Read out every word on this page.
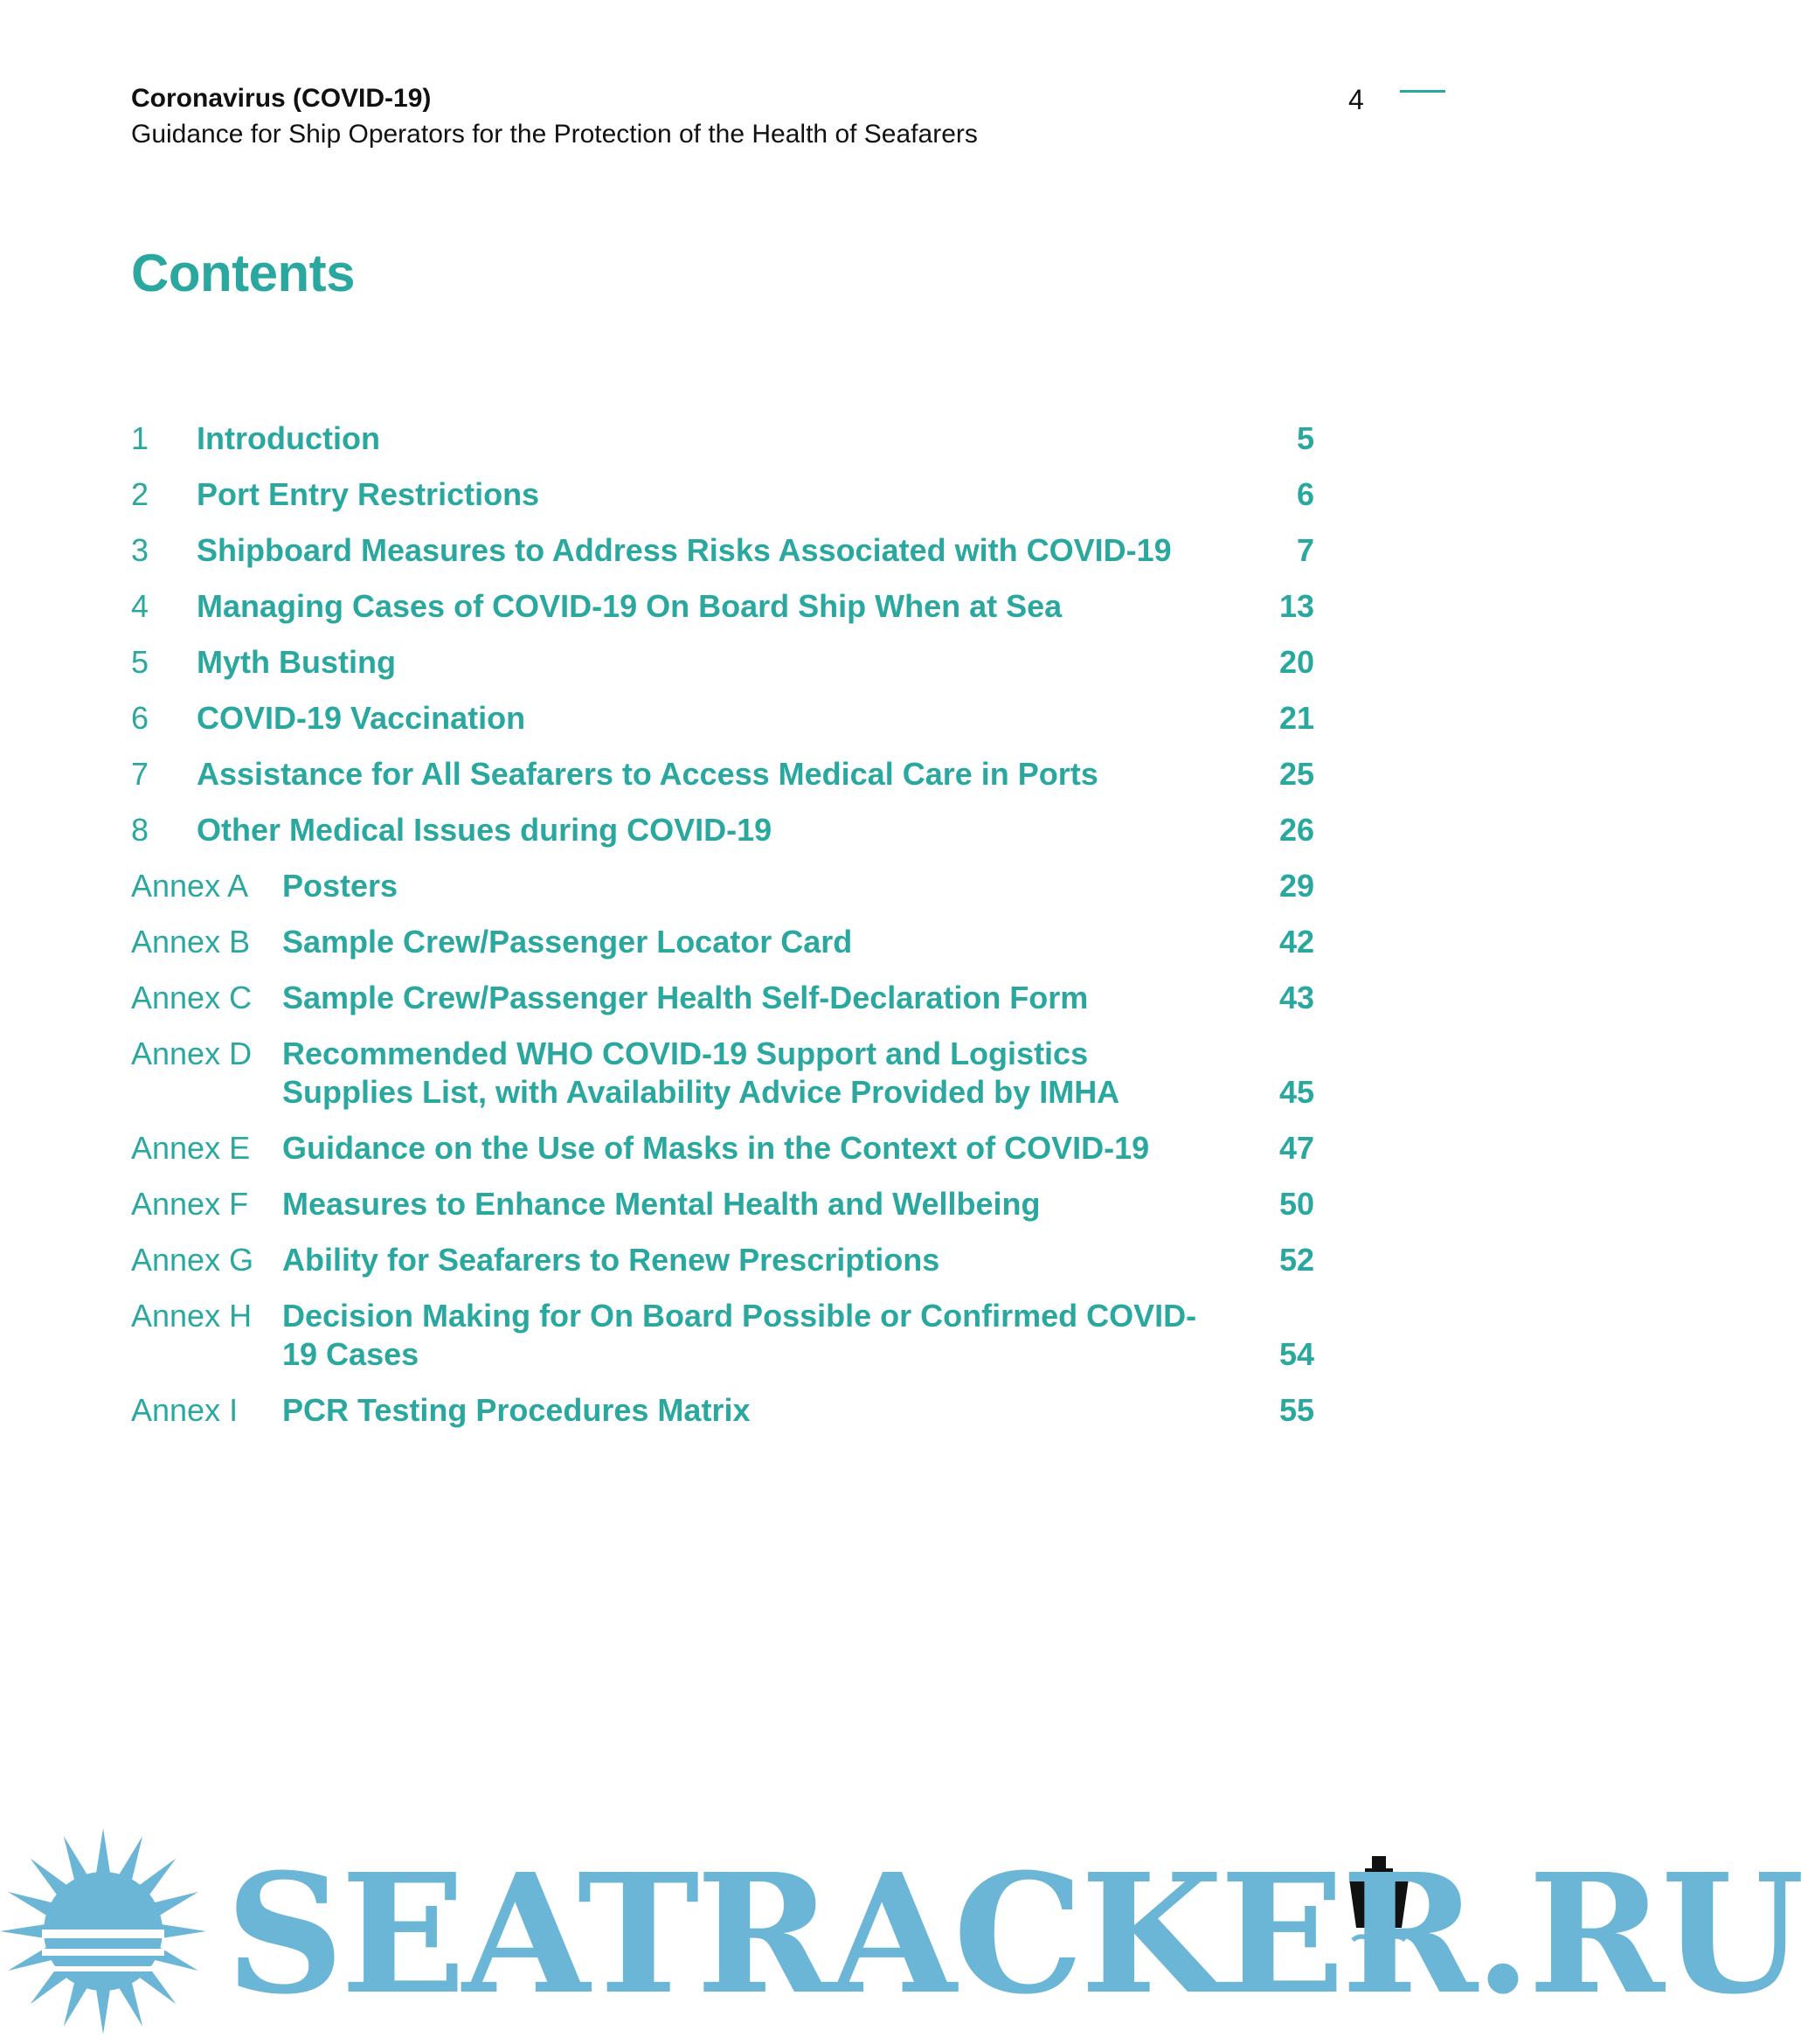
Coronavirus (COVID-19)
Guidance for Ship Operators for the Protection of the Health of Seafarers
4
Contents
1 Introduction	5
2 Port Entry Restrictions	6
3 Shipboard Measures to Address Risks Associated with COVID-19	7
4 Managing Cases of COVID-19 On Board Ship When at Sea	13
5 Myth Busting	20
6 COVID-19 Vaccination	21
7 Assistance for All Seafarers to Access Medical Care in Ports	25
8 Other Medical Issues during COVID-19	26
Annex A Posters	29
Annex B Sample Crew/Passenger Locator Card	42
Annex C Sample Crew/Passenger Health Self-Declaration Form	43
Annex D Recommended WHO COVID-19 Support and Logistics Supplies List, with Availability Advice Provided by IMHA	45
Annex E Guidance on the Use of Masks in the Context of COVID-19	47
Annex F Measures to Enhance Mental Health and Wellbeing	50
Annex G Ability for Seafarers to Renew Prescriptions	52
Annex H Decision Making for On Board Possible or Confirmed COVID-19 Cases	54
Annex I PCR Testing Procedures Matrix	55
SEATRACKER.RU
